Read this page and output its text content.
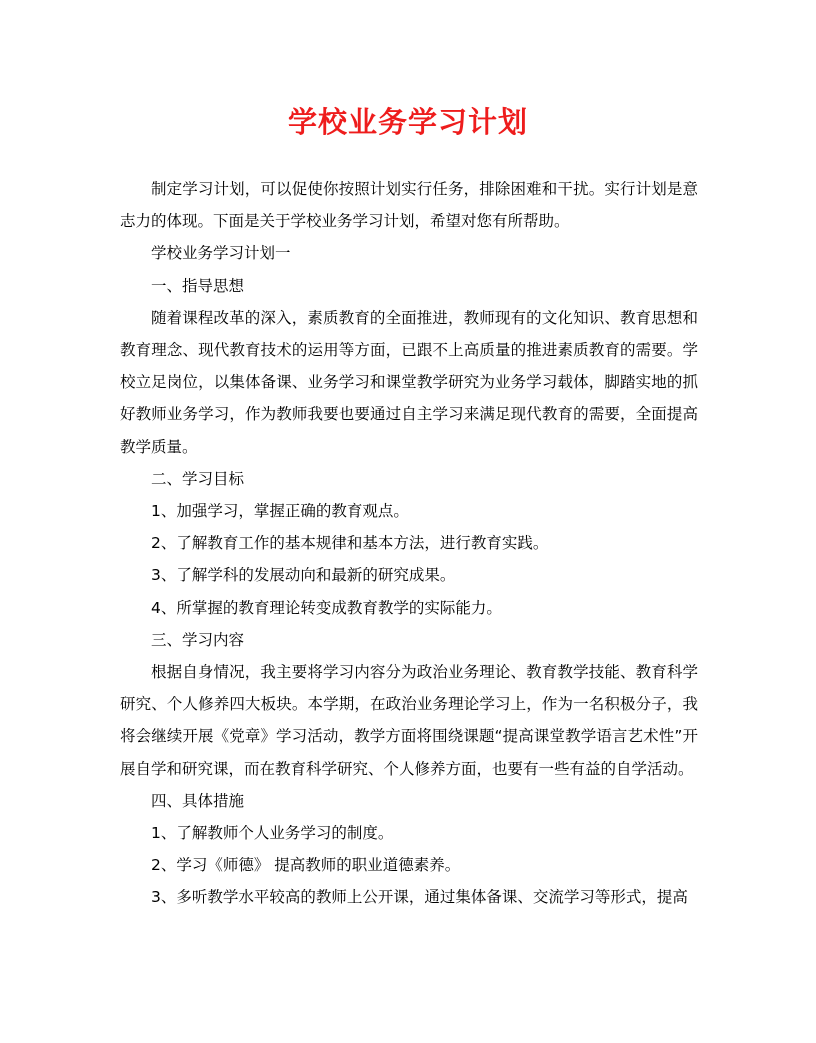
学校业务学习计划

制定学习计划，可以促使你按照计划实行任务，排除困难和干扰。实行计划是意志力的体现。下面是关于学校业务学习计划，希望对您有所帮助。

学校业务学习计划一

一、指导思想

随着课程改革的深入，素质教育的全面推进，教师现有的文化知识、教育思想和教育理念、现代教育技术的运用等方面，已跟不上高质量的推进素质教育的需要。学校立足岗位，以集体备课、业务学习和课堂教学研究为业务学习载体，脚踏实地的抓好教师业务学习，作为教师我要也要通过自主学习来满足现代教育的需要，全面提高教学质量。

二、学习目标

1、加强学习，掌握正确的教育观点。

2、了解教育工作的基本规律和基本方法，进行教育实践。

3、了解学科的发展动向和最新的研究成果。

4、所掌握的教育理论转变成教育教学的实际能力。

三、学习内容

根据自身情况，我主要将学习内容分为政治业务理论、教育教学技能、教育科学研究、个人修养四大板块。本学期，在政治业务理论学习上，作为一名积极分子，我将会继续开展《党章》学习活动，教学方面将围绕课题“提高课堂教学语言艺术性”开展自学和研究课，而在教育科学研究、个人修养方面，也要有一些有益的自学活动。

四、具体措施

1、了解教师个人业务学习的制度。

2、学习《师德》 提高教师的职业道德素养。

3、多听教学水平较高的教师上公开课，通过集体备课、交流学习等形式，提高
